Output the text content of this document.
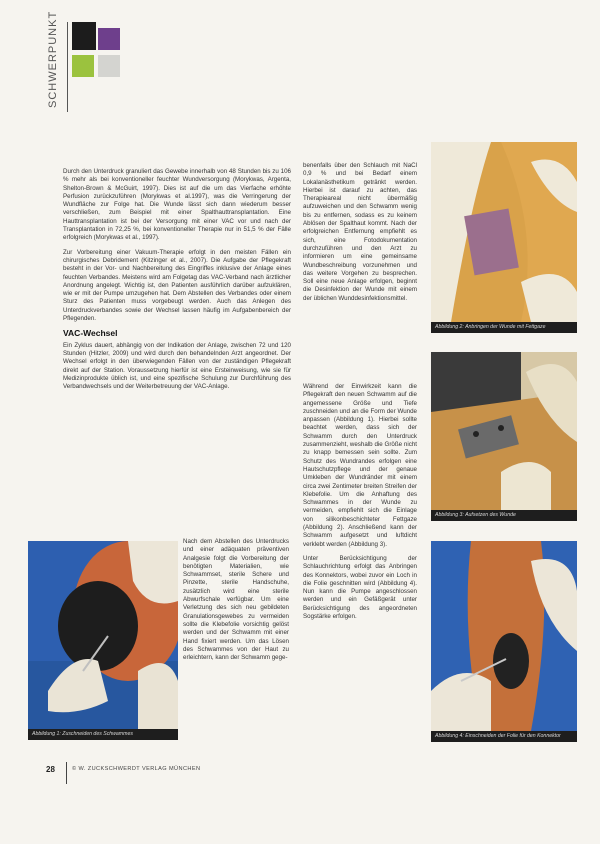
SCHWERPUNKT

Durch den Unterdruck granuliert das Gewebe innerhalb von 48 Stunden bis zu 106 % mehr als bei konventioneller feuchter Wundversorgung (Morykwas, Argenta, Shelton-Brown & McGuirt, 1997). Dies ist auf die um das Vierfache erhöhte Perfusion zurückzuführen (Morykwas et al.1997), was die Verringerung der Wundfläche zur Folge hat. Die Wunde lässt sich dann wiederum besser verschließen, zum Beispiel mit einer Spalthauttransplantation. Eine Hauttransplantation ist bei der Versorgung mit einer VAC vor und nach der Transplantation in 72,25 %, bei konventioneller Therapie nur in 51,5 % der Fälle erfolgreich (Morykwas et al., 1997).

Zur Vorbereitung einer Vakuum-Therapie erfolgt in den meisten Fällen ein chirurgisches Debridement (Kitzinger et al., 2007). Die Aufgabe der Pflegekraft besteht in der Vor- und Nachbereitung des Eingriffes inklusive der Anlage eines feuchten Verbandes. Meistens wird am Folgetag das VAC-Verband nach ärztlicher Anordnung angelegt. Wichtig ist, den Patienten ausführlich darüber aufzuklären, wie er mit der Pumpe umzugehen hat. Dem Abstellen des Verbandes oder einem Sturz des Patienten muss vorgebeugt werden. Auch das Anlegen des Unterdruckverbandes sowie der Wechsel lassen häufig im Aufgabenbereich der Pflegenden.

VAC-Wechsel

Ein Zyklus dauert, abhängig von der Indikation der Anlage, zwischen 72 und 120 Stunden (Hitzler, 2009) und wird durch den behandelnden Arzt angeordnet. Der Wechsel erfolgt in den überwiegenden Fällen von der zuständigen Pflegekraft direkt auf der Station. Voraussetzung hierfür ist eine Ersteinweisung, wie sie für Medizinprodukte üblich ist, und eine spezifische Schulung zur Durchführung des Verbandwechsels und der Weiterbetreuung der VAC-Anlage.

Abbildung 1: Zuschneiden des Schwammes

Nach dem Abstellen des Unterdrucks und einer adäquaten präventiven Analgesie folgt die Vorbereitung der benötigten Materialien, wie Schwammset, sterile Schere und Pinzette, sterile Handschuhe, zusätzlich wird eine sterile Abwurfschale verfügbar. Um eine Verletzung des sich neu gebildeten Granulationsgewebes zu vermeiden sollte die Klebefolie vorsichtig gelöst werden und der Schwamm mit einer Hand fixiert werden. Um das Lösen des Schwammes von der Haut zu erleichtern, kann der Schwamm gege-

benenfalls über den Schlauch mit NaCl 0,9 % und bei Bedarf einem Lokalanästhetikum getränkt werden. Hierbei ist darauf zu achten, das Therapieareal nicht übermäßig aufzuweichen und den Schwamm wenig bis zu entfernen, sodass es zu keinem Ablösen der Spalthaut kommt. Nach der erfolgreichen Entfernung empfiehlt es sich, eine Fotodokumentation durchzuführen und den Arzt zu informieren um eine gemeinsame Wundbeschreibung vorzunehmen und das weitere Vorgehen zu besprechen. Soll eine neue Anlage erfolgen, beginnt die Desinfektion der Wunde mit einem der üblichen Wunddesinfektionsmittel.

Während der Einwirkzeit kann die Pflegekraft den neuen Schwamm auf die angemessene Größe und Tiefe zuschneiden und an die Form der Wunde anpassen (Abbildung 1). Hierbei sollte beachtet werden, dass sich der Schwamm durch den Unterdruck zusammenzieht, weshalb die Größe nicht zu knapp bemessen sein sollte. Zum Schutz des Wundrandes erfolgen eine Hautschutzpflege und der genaue Umkleben der Wundränder mit einem circa zwei Zentimeter breiten Streifen der Klebefolie. Um die Anhaftung des Schwammes in der Wunde zu vermeiden, empfiehlt sich die Einlage von silikonbeschichteter Fettgaze (Abbildung 2). Anschließend kann der Schwamm aufgesetzt und luftdicht verklebt werden (Abbildung 3).

Unter Berücksichtigung der Schlauchrichtung erfolgt das Anbringen des Konnektors, wobei zuvor ein Loch in die Folie geschnitten wird (Abbildung 4). Nun kann die Pumpe angeschlossen werden und ein Gefäßgerät unter Berücksichtigung des angeordneten Sogstärke erfolgen.

Abbildung 2: Anbringen der Wunde mit Fettgaze
Abbildung 3: Aufsetzen des Wunde
Abbildung 4: Einschneiden der Folie für den Konnektor
28	© W. ZUCKSCHWERDT VERLAG MÜNCHEN
